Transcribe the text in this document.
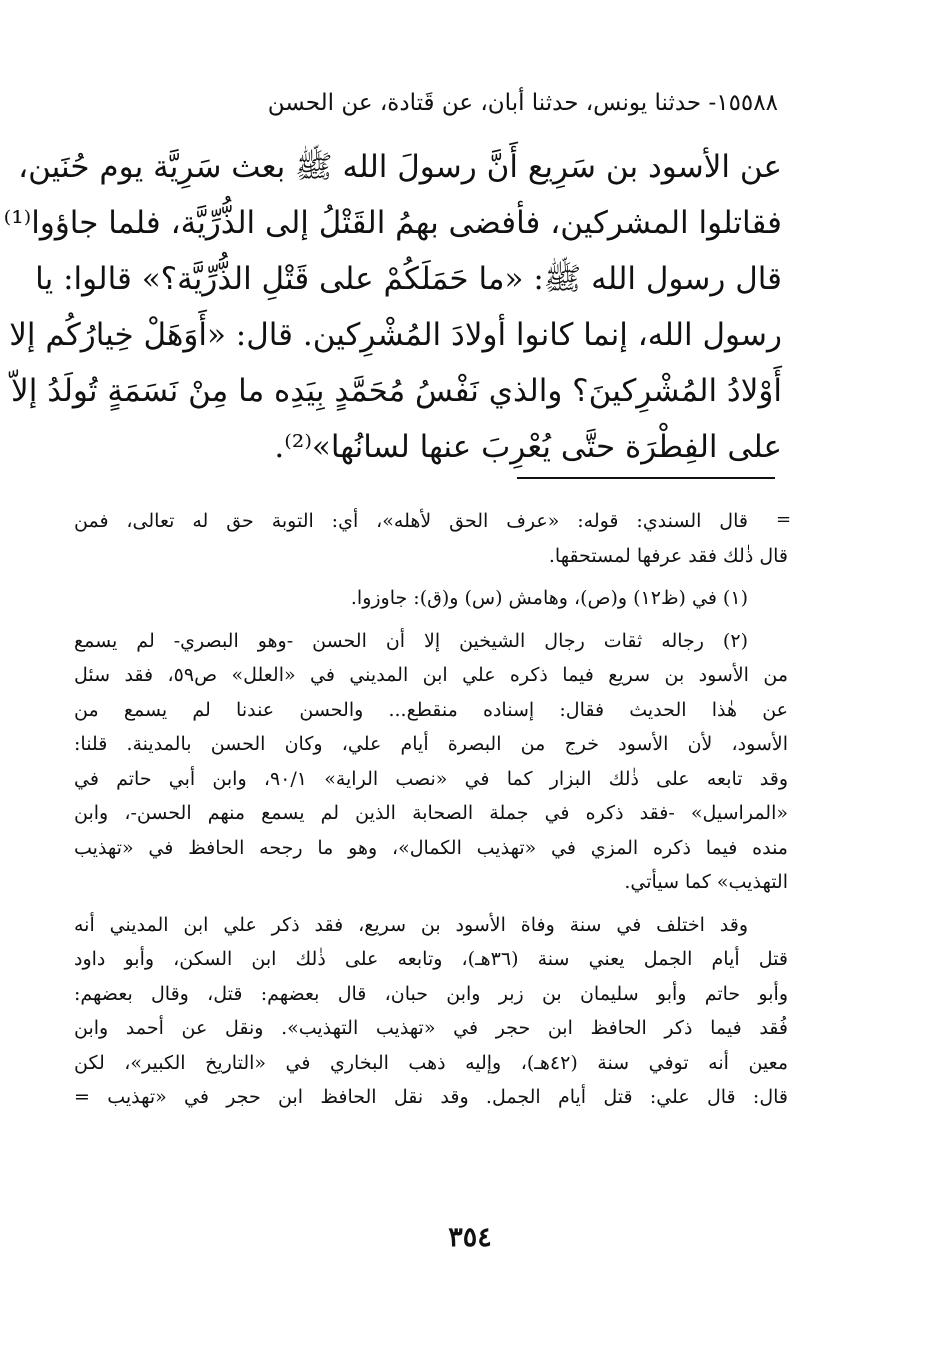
١٥٥٨٨- حدثنا يونس، حدثنا أبان، عن قَتادة، عن الحسن
عن الأسود بن سَرِيع أَنَّ رسولَ الله ﷺ بعث سَرِيَّة يوم حُنَين،
فقاتلوا المشركين، فأفضى بهمُ القَتْلُ إلى الذُّرِّيَّة، فلما جاؤوا⁽¹⁾
قال رسول الله ﷺ: «ما حَمَلَكُمْ على قَتْلِ الذُّرِّيَّة؟» قالوا: يا
رسول الله، إنما كانوا أولادَ المُشْرِكين. قال: «أَوَهَلْ خِيارُكُم إلا
أَوْلادُ المُشْرِكينَ؟ والذي نَفْسُ مُحَمَّدٍ بِيَدِه ما مِنْ نَسَمَةٍ تُولَدُ إلاّ
على الفِطْرَة حتَّى يُعْرِبَ عنها لسانُها»⁽²⁾.
=
قال السندي: قوله: «عرف الحق لأهله»، أي: التوبة حق له تعالى، فمن
قال ذٰلك فقد عرفها لمستحقها.
(١) في (ظ١٢) و(ص)، وهامش (س) و(ق): جاوزوا.
(٢) رجاله ثقات رجال الشيخين إلا أن الحسن -وهو البصري- لم يسمع
من الأسود بن سريع فيما ذكره علي ابن المديني في «العلل» ص٥٩، فقد سئل
عن هٰذا الحديث فقال: إسناده منقطع... والحسن عندنا لم يسمع من
الأسود، لأن الأسود خرج من البصرة أيام علي، وكان الحسن بالمدينة. قلنا:
وقد تابعه على ذٰلك البزار كما في «نصب الراية» ٩٠/١، وابن أبي حاتم في
«المراسيل» -فقد ذكره في جملة الصحابة الذين لم يسمع منهم الحسن-، وابن
منده فيما ذكره المزي في «تهذيب الكمال»، وهو ما رجحه الحافظ في «تهذيب
التهذيب» كما سيأتي.
وقد اختلف في سنة وفاة الأسود بن سريع، فقد ذكر علي ابن المديني أنه
قتل أيام الجمل يعني سنة (٣٦هـ)، وتابعه على ذٰلك ابن السكن، وأبو داود
وأبو حاتم وأبو سليمان بن زبر وابن حبان، قال بعضهم: قتل، وقال بعضهم:
فُقد فيما ذكر الحافظ ابن حجر في «تهذيب التهذيب». ونقل عن أحمد وابن
معين أنه توفي سنة (٤٢هـ)، وإليه ذهب البخاري في «التاريخ الكبير»، لكن
قال: قال علي: قتل أيام الجمل. وقد نقل الحافظ ابن حجر في «تهذيب =
٣٥٤
